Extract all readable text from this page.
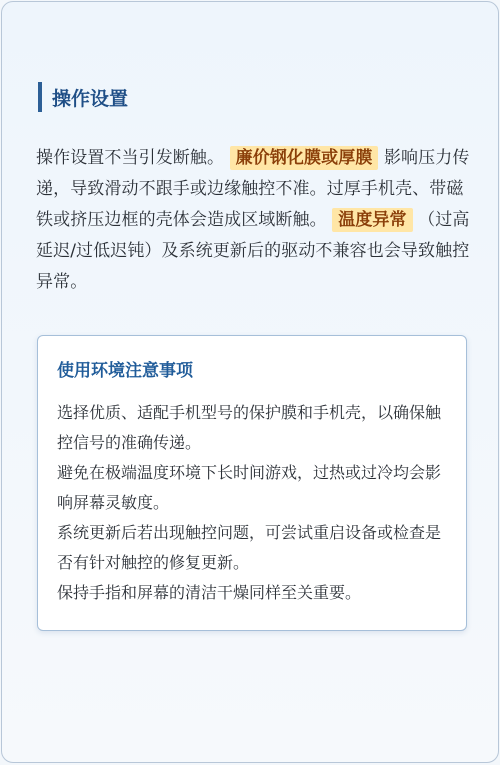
操作设置
操作设置不当引发断触。 廉价钢化膜或厚膜 影响压力传递，导致滑动不跟手或边缘触控不准。过厚手机壳、带磁铁或挤压边框的壳体会造成区域断触。 温度异常 （过高延迟/过低迟钝）及系统更新后的驱动不兼容也会导致触控异常。
使用环境注意事项
选择优质、适配手机型号的保护膜和手机壳，以确保触控信号的准确传递。
避免在极端温度环境下长时间游戏，过热或过冷均会影响屏幕灵敏度。
系统更新后若出现触控问题，可尝试重启设备或检查是否有针对触控的修复更新。
保持手指和屏幕的清洁干燥同样至关重要。
